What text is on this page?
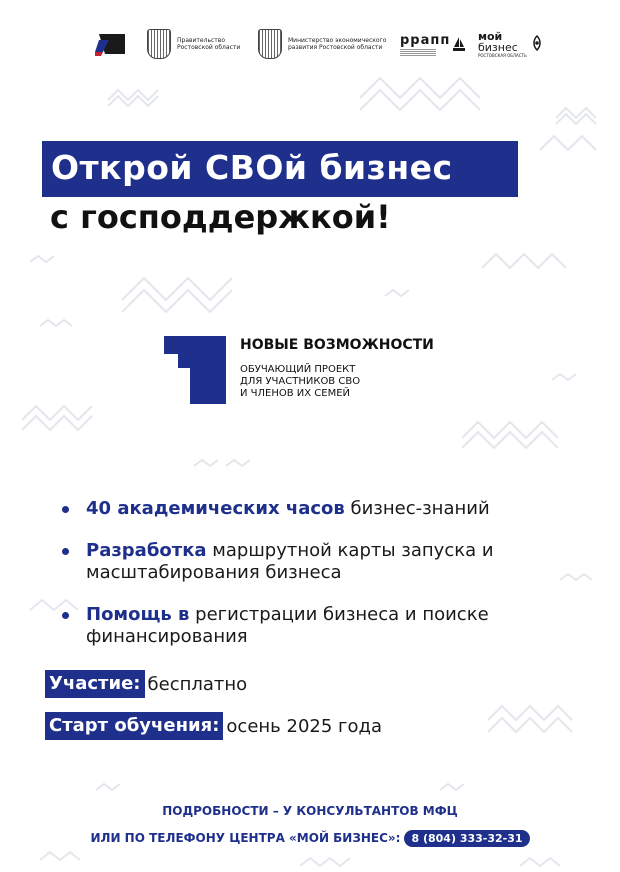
Правительство
Ростовской области
Министерство экономического
развития Ростовской области	ррапп	мой
бизнес
РОСТОВСКАЯ ОБЛАСТЬ
Открой СВОй бизнес
с господдержкой!
НОВЫЕ ВОЗМОЖНОСТИ
ОБУЧАЮЩИЙ ПРОЕКТ
ДЛЯ УЧАСТНИКОВ СВО
И ЧЛЕНОВ ИХ СЕМЕЙ
40 академических часов бизнес-знаний
Разработка маршрутной карты запуска и масштабирования бизнеса
Помощь в регистрации бизнеса и поиске финансирования
Участие: бесплатно
Старт обучения: осень 2025 года
ПОДРОБНОСТИ – У КОНСУЛЬТАНТОВ МФЦ
ИЛИ ПО ТЕЛЕФОНУ ЦЕНТРА «МОЙ БИЗНЕС»: 8 (804) 333-32-31
